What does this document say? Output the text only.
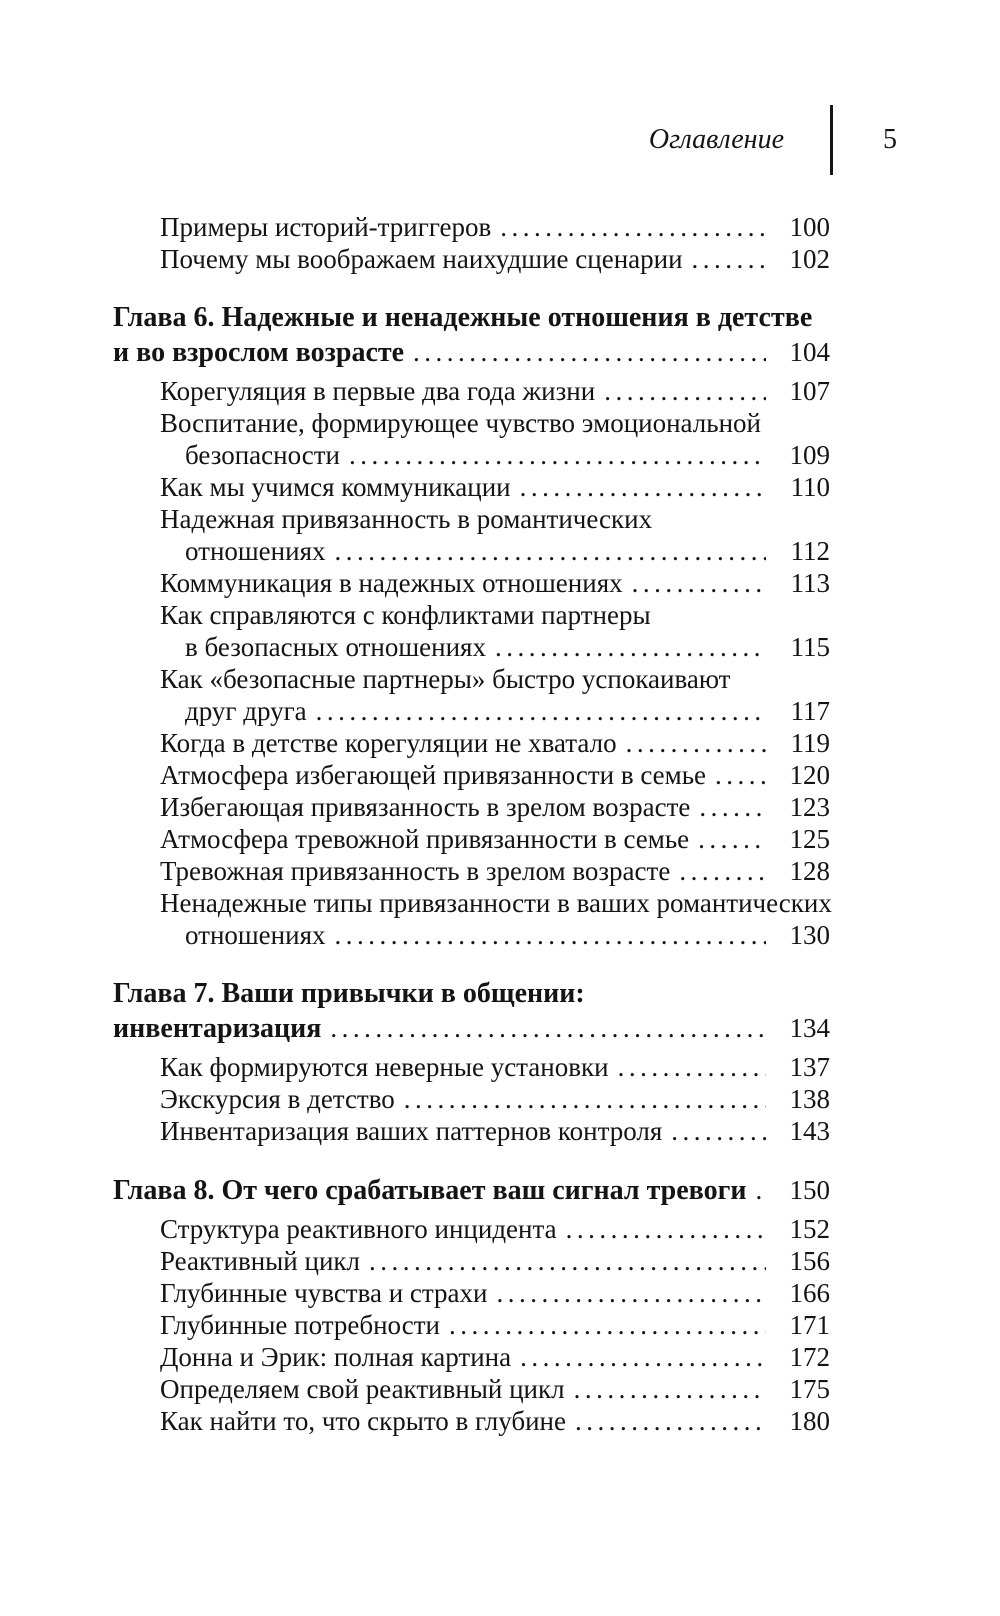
Оглавление	5
Примеры историй-триггеров .....	100
Почему мы воображаем наихудшие сценарии .....	102
Глава 6. Надежные и ненадежные отношения в детстве
и во взрослом возрасте .....	104
Корегуляция в первые два года жизни .....	107
Воспитание, формирующее чувство эмоциональной
безопасности .....	109
Как мы учимся коммуникации .....	110
Надежная привязанность в романтических
отношениях .....	112
Коммуникация в надежных отношениях .....	113
Как справляются с конфликтами партнеры
в безопасных отношениях .....	115
Как «безопасные партнеры» быстро успокаивают
друг друга .....	117
Когда в детстве корегуляции не хватало .....	119
Атмосфера избегающей привязанности в семье .....	120
Избегающая привязанность в зрелом возрасте .....	123
Атмосфера тревожной привязанности в семье .....	125
Тревожная привязанность в зрелом возрасте .....	128
Ненадежные типы привязанности в ваших романтических
отношениях .....	130
Глава 7. Ваши привычки в общении:
инвентаризация .....	134
Как формируются неверные установки .....	137
Экскурсия в детство .....	138
Инвентаризация ваших паттернов контроля .....	143
Глава 8. От чего срабатывает ваш сигнал тревоги .....	150
Структура реактивного инцидента .....	152
Реактивный цикл .....	156
Глубинные чувства и страхи .....	166
Глубинные потребности .....	171
Донна и Эрик: полная картина .....	172
Определяем свой реактивный цикл .....	175
Как найти то, что скрыто в глубине .....	180
